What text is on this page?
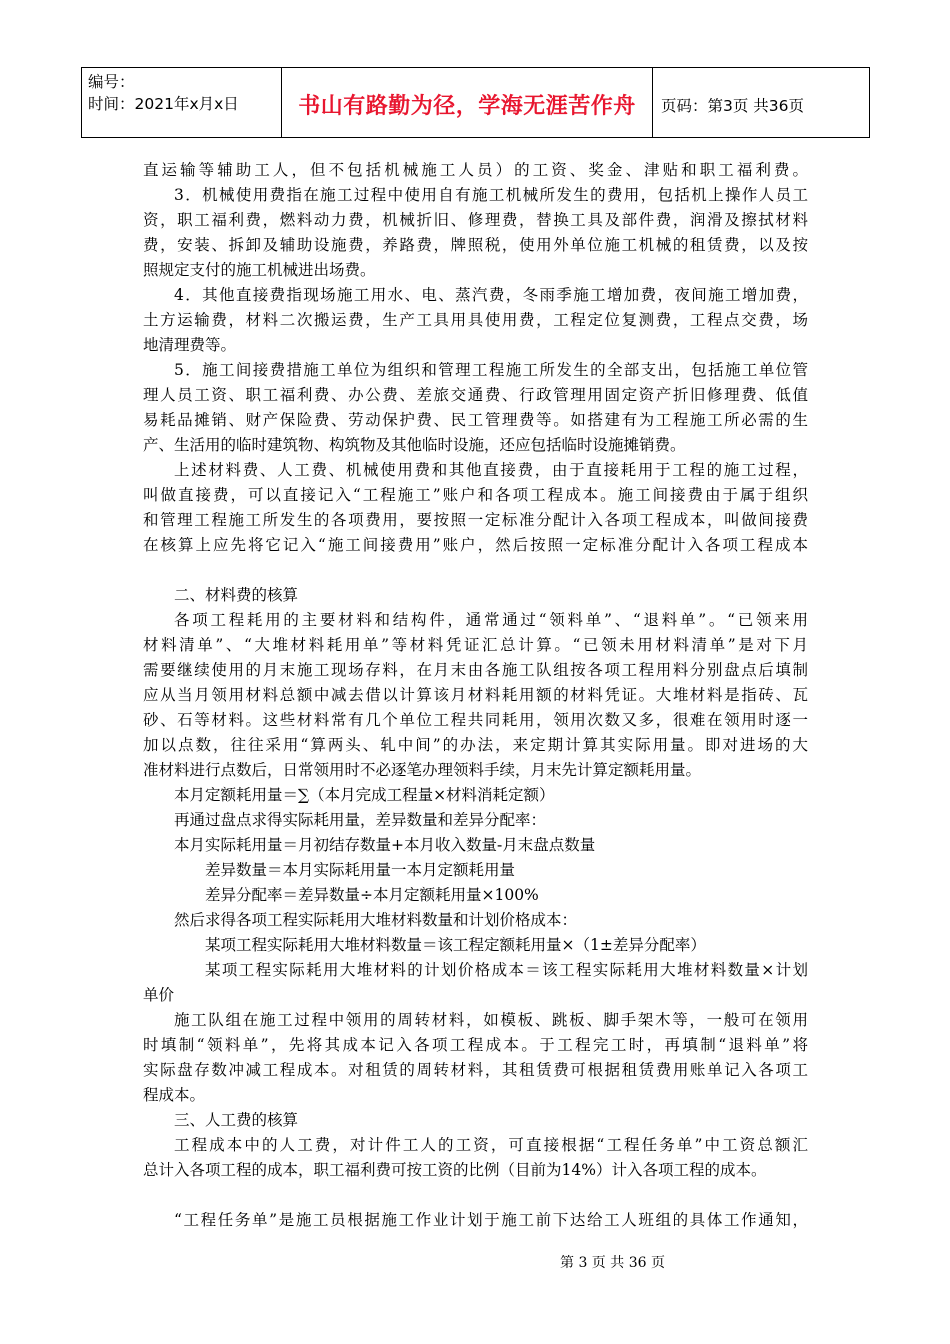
编号：
时间：2021年x月x日	书山有路勤为径，学海无涯苦作舟	页码：第3页 共36页
直运输等辅助工人，但不包括机械施工人员）的工资、奖金、津贴和职工福利费。
3．机械使用费指在施工过程中使用自有施工机械所发生的费用，包括机上操作人员工
资，职工福利费，燃料动力费，机械折旧、修理费，替换工具及部件费，润滑及擦拭材料
费，安装、拆卸及辅助设施费，养路费，牌照税，使用外单位施工机械的租赁费，以及按
照规定支付的施工机械进出场费。
4．其他直接费指现场施工用水、电、蒸汽费，冬雨季施工增加费，夜间施工增加费，
土方运输费，材料二次搬运费，生产工具用具使用费，工程定位复测费，工程点交费，场
地清理费等。
5．施工间接费措施工单位为组织和管理工程施工所发生的全部支出，包括施工单位管
理人员工资、职工福利费、办公费、差旅交通费、行政管理用固定资产折旧修理费、低值
易耗品摊销、财产保险费、劳动保护费、民工管理费等。如搭建有为工程施工所必需的生
产、生活用的临时建筑物、构筑物及其他临时设施，还应包括临时设施摊销费。
上述材料费、人工费、机械使用费和其他直接费，由于直接耗用于工程的施工过程，
叫做直接费，可以直接记入“工程施工”账户和各项工程成本。施工间接费由于属于组织
和管理工程施工所发生的各项费用，要按照一定标准分配计入各项工程成本，叫做间接费
在核算上应先将它记入“施工间接费用”账户，然后按照一定标准分配计入各项工程成本
二、材料费的核算
各项工程耗用的主要材料和结构件，通常通过“领料单”、“退料单”。“已领来用
材料清单”、“大堆材料耗用单”等材料凭证汇总计算。“已领未用材料清单”是对下月
需要继续使用的月末施工现场存料，在月末由各施工队组按各项工程用料分别盘点后填制
应从当月领用材料总额中减去借以计算该月材料耗用额的材料凭证。大堆材料是指砖、瓦
砂、石等材料。这些材料常有几个单位工程共同耗用，领用次数又多，很难在领用时逐一
加以点数，往往采用“算两头、轧中间”的办法，来定期计算其实际用量。即对进场的大
准材料进行点数后，日常领用时不必逐笔办理领料手续，月末先计算定额耗用量。
本月定额耗用量＝∑（本月完成工程量×材料消耗定额）
再通过盘点求得实际耗用量，差异数量和差异分配率：
本月实际耗用量＝月初结存数量+本月收入数量-月末盘点数量
差异数量＝本月实际耗用量一本月定额耗用量
差异分配率＝差异数量÷本月定额耗用量×100%
然后求得各项工程实际耗用大堆材料数量和计划价格成本：
某项工程实际耗用大堆材料数量＝该工程定额耗用量×（1±差异分配率）
某项工程实际耗用大堆材料的计划价格成本＝该工程实际耗用大堆材料数量×计划
单价
施工队组在施工过程中领用的周转材料，如模板、跳板、脚手架木等，一般可在领用
时填制“领料单”，先将其成本记入各项工程成本。于工程完工时，再填制“退料单”将
实际盘存数冲减工程成本。对租赁的周转材料，其租赁费可根据租赁费用账单记入各项工
程成本。
三、人工费的核算
工程成本中的人工费，对计件工人的工资，可直接根据“工程任务单”中工资总额汇
总计入各项工程的成本，职工福利费可按工资的比例（目前为14%）计入各项工程的成本。
“工程任务单”是施工员根据施工作业计划于施工前下达给工人班组的具体工作通知，
第 3 页 共 36 页
